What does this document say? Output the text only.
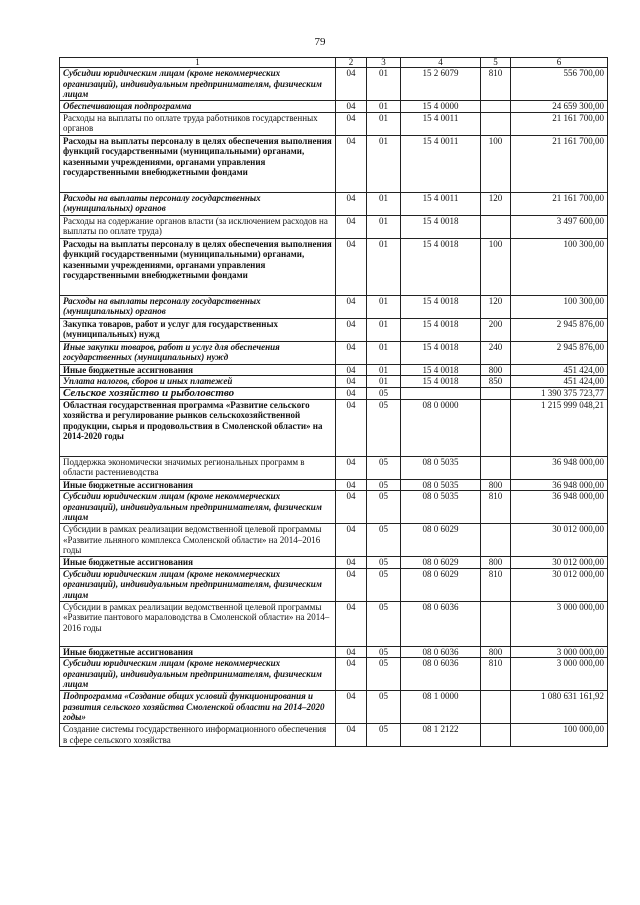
79
1	2	3	4	5	6
Субсидии юридическим лицам (кроме некоммерческих организаций), индивидуальным предпринимателям, физическим лицам	04	01	15 2 6079	810	556 700,00
Обеспечивающая подпрограмма	04	01	15 4 0000		24 659 300,00
Расходы на выплаты по оплате труда работников государственных органов	04	01	15 4 0011		21 161 700,00
Расходы на выплаты персоналу в целях обеспечения выполнения функций государственными (муниципальными) органами, казенными учреждениями, органами управления государственными внебюджетными фондами	04	01	15 4 0011	100	21 161 700,00
Расходы на выплаты персоналу государственных (муниципальных) органов	04	01	15 4 0011	120	21 161 700,00
Расходы на содержание органов власти (за исключением расходов на выплаты по оплате труда)	04	01	15 4 0018		3 497 600,00
Расходы на выплаты персоналу в целях обеспечения выполнения функций государственными (муниципальными) органами, казенными учреждениями, органами управления государственными внебюджетными фондами	04	01	15 4 0018	100	100 300,00
Расходы на выплаты персоналу государственных (муниципальных) органов	04	01	15 4 0018	120	100 300,00
Закупка товаров, работ и услуг для государственных (муниципальных) нужд	04	01	15 4 0018	200	2 945 876,00
Иные закупки товаров, работ и услуг для обеспечения государственных (муниципальных) нужд	04	01	15 4 0018	240	2 945 876,00
Иные бюджетные ассигнования	04	01	15 4 0018	800	451 424,00
Уплата налогов, сборов и иных платежей	04	01	15 4 0018	850	451 424,00
Сельское хозяйство и рыболовство	04	05			1 390 375 723,77
Областная государственная программа «Развитие сельского хозяйства и регулирование рынков сельскохозяйственной продукции, сырья и продовольствия в Смоленской области» на 2014-2020 годы	04	05	08 0 0000		1 215 999 048,21
Поддержка экономически значимых региональных программ в области растениеводства	04	05	08 0 5035		36 948 000,00
Иные бюджетные ассигнования	04	05	08 0 5035	800	36 948 000,00
Субсидии юридическим лицам (кроме некоммерческих организаций), индивидуальным предпринимателям, физическим лицам	04	05	08 0 5035	810	36 948 000,00
Субсидии в рамках реализации ведомственной целевой программы «Развитие льняного комплекса Смоленской области» на 2014–2016 годы	04	05	08 0 6029		30 012 000,00
Иные бюджетные ассигнования	04	05	08 0 6029	800	30 012 000,00
Субсидии юридическим лицам (кроме некоммерческих организаций), индивидуальным предпринимателям, физическим лицам	04	05	08 0 6029	810	30 012 000,00
Субсидии в рамках реализации ведомственной целевой программы «Развитие пантового мараловодства в Смоленской области» на 2014–2016 годы	04	05	08 0 6036		3 000 000,00
Иные бюджетные ассигнования	04	05	08 0 6036	800	3 000 000,00
Субсидии юридическим лицам (кроме некоммерческих организаций), индивидуальным предпринимателям, физическим лицам	04	05	08 0 6036	810	3 000 000,00
Подпрограмма «Создание общих условий функционирования и развития сельского хозяйства Смоленской области на 2014–2020 годы»	04	05	08 1 0000		1 080 631 161,92
Создание системы государственного информационного обеспечения в сфере сельского хозяйства	04	05	08 1 2122		100 000,00
